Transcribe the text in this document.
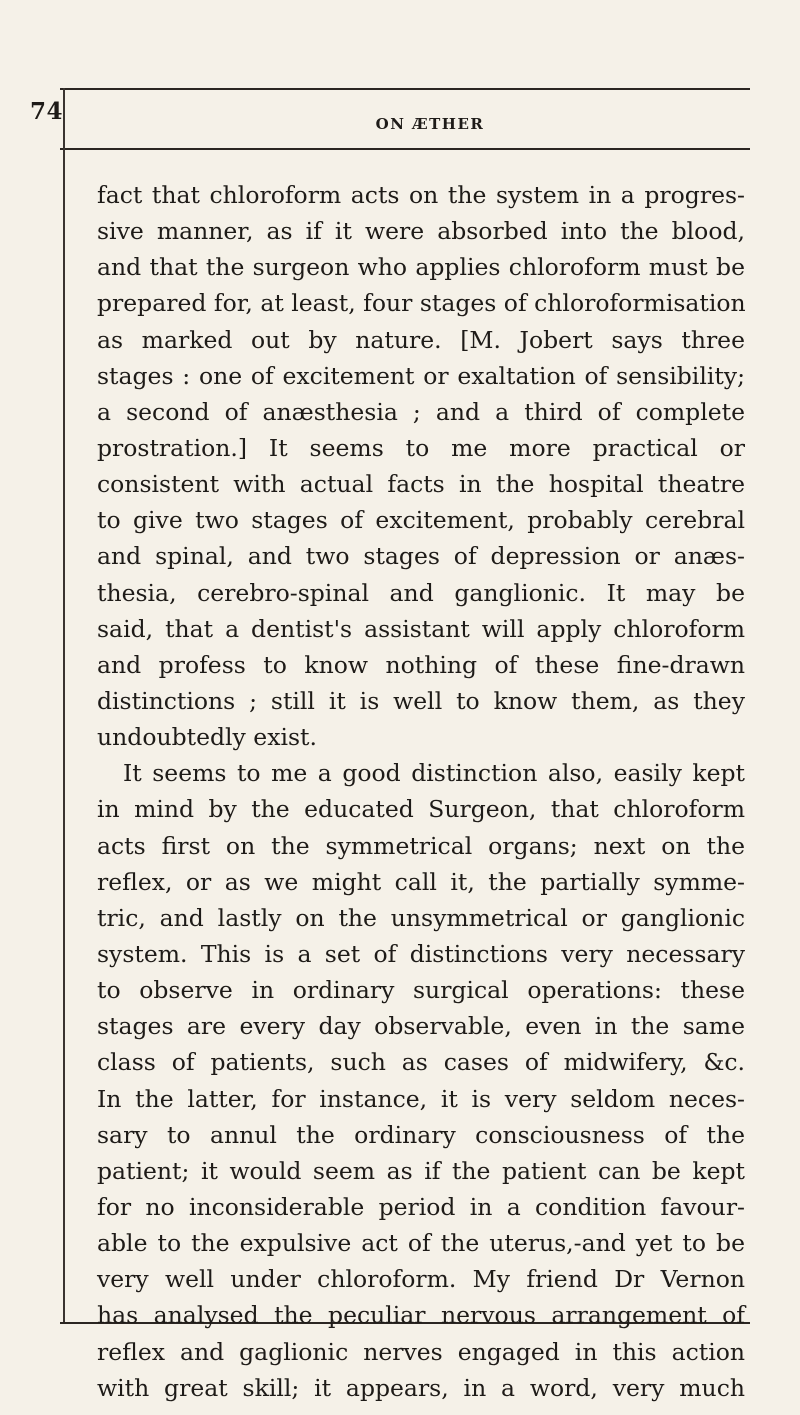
74	ON ÆTHER
fact that chloroform acts on the system in a progres-
sive manner, as if it were absorbed into the blood,
and that the surgeon who applies chloroform must be
prepared for, at least, four stages of chloroformisation
as marked out by nature. [M. Jobert says three
stages : one of excitement or exaltation of sensibility;
a second of anæsthesia ; and a third of complete
prostration.] It seems to me more practical or
consistent with actual facts in the hospital theatre
to give two stages of excitement, probably cerebral
and spinal, and two stages of depression or anæs-
thesia, cerebro-spinal and ganglionic. It may be
said, that a dentist's assistant will apply chloroform
and profess to know nothing of these fine-drawn
distinctions ; still it is well to know them, as they
undoubtedly exist.
It seems to me a good distinction also, easily kept
in mind by the educated Surgeon, that chloroform
acts first on the symmetrical organs; next on the
reflex, or as we might call it, the partially symme-
tric, and lastly on the unsymmetrical or ganglionic
system. This is a set of distinctions very necessary
to observe in ordinary surgical operations: these
stages are every day observable, even in the same
class of patients, such as cases of midwifery, &c.
In the latter, for instance, it is very seldom neces-
sary to annul the ordinary consciousness of the
patient; it would seem as if the patient can be kept
for no inconsiderable period in a condition favour-
able to the expulsive act of the uterus,-and yet to be
very well under chloroform. My friend Dr Vernon
has analysed the peculiar nervous arrangement of
reflex and gaglionic nerves engaged in this action
with great skill; it appears, in a word, very much
